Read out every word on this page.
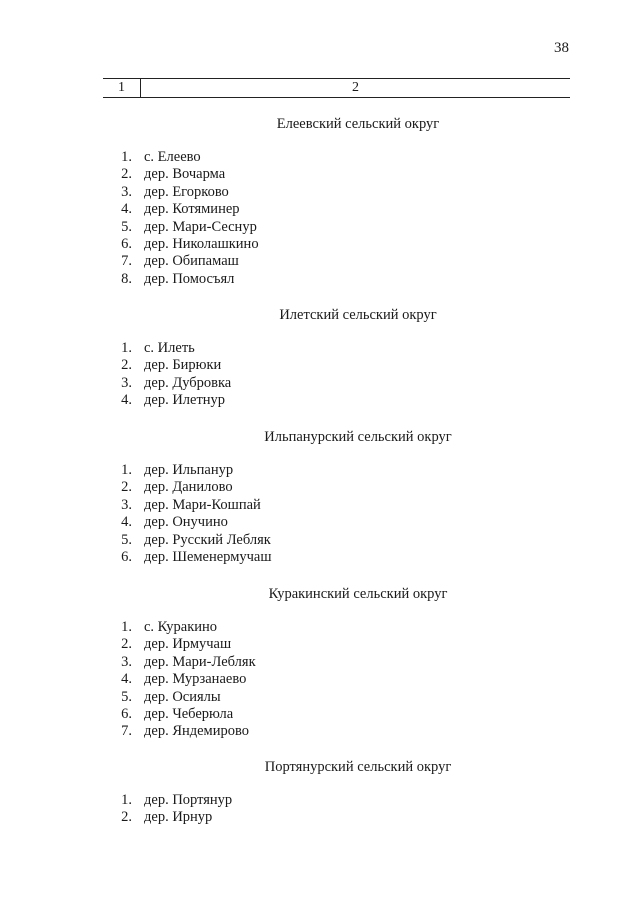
38
1	2
Елеевский сельский округ
1. с. Елеево
2. дер. Вочарма
3. дер. Егорково
4. дер. Котяминер
5. дер. Мари-Сеснур
6. дер. Николашкино
7. дер. Обипамаш
8. дер. Помосъял
Илетский сельский округ
1. с. Илеть
2. дер. Бирюки
3. дер. Дубровка
4. дер. Илетнур
Ильпанурский сельский округ
1. дер. Ильпанур
2. дер. Данилово
3. дер. Мари-Кошпай
4. дер. Онучино
5. дер. Русский Лебляк
6. дер. Шеменермучаш
Куракинский сельский округ
1. с. Куракино
2. дер. Ирмучаш
3. дер. Мари-Лебляк
4. дер. Мурзанаево
5. дер. Осиялы
6. дер. Чеберюла
7. дер. Яндемирово
Портянурский сельский округ
1. дер. Портянур
2. дер. Ирнур
